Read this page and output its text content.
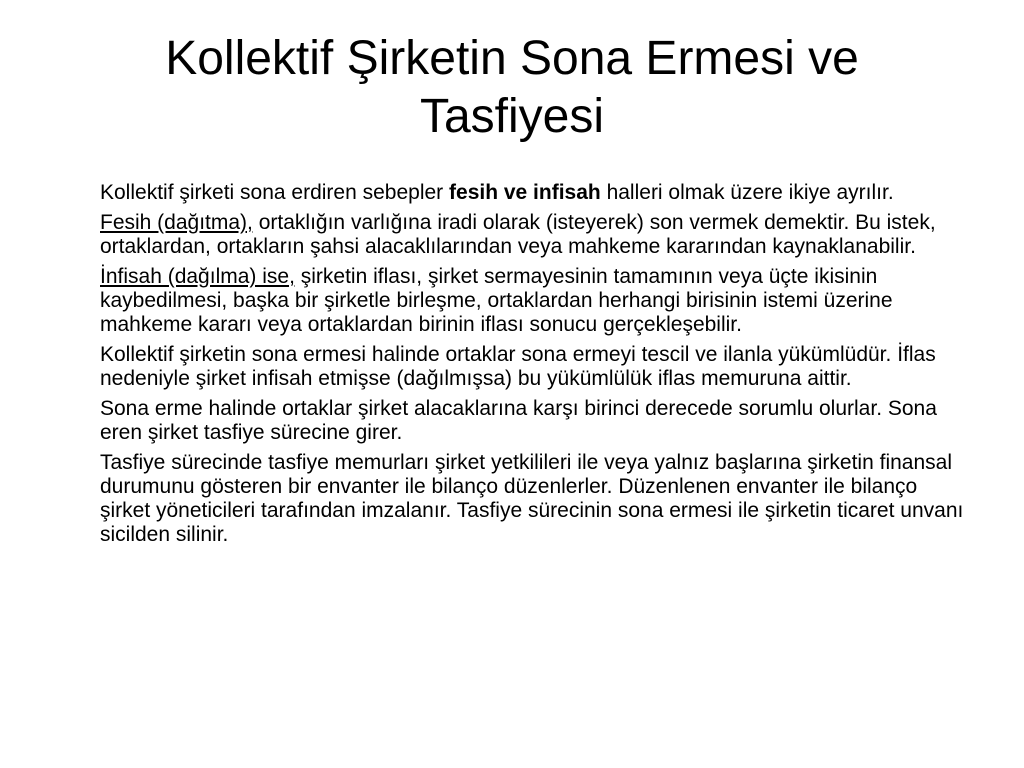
Kollektif Şirketin Sona Ermesi ve
Tasfiyesi

Kollektif şirketi sona erdiren sebepler fesih ve infisah halleri olmak üzere ikiye ayrılır.

Fesih (dağıtma), ortaklığın varlığına iradi olarak (isteyerek) son vermek demektir. Bu istek, ortaklardan, ortakların şahsi alacaklılarından veya mahkeme kararından kaynaklanabilir.

İnfisah (dağılma) ise, şirketin iflası, şirket sermayesinin tamamının veya üçte ikisinin kaybedilmesi, başka bir şirketle birleşme, ortaklardan herhangi birisinin istemi üzerine mahkeme kararı veya ortaklardan birinin iflası sonucu gerçekleşebilir.

Kollektif şirketin sona ermesi halinde ortaklar sona ermeyi tescil ve ilanla yükümlüdür. İflas nedeniyle şirket infisah etmişse (dağılmışsa) bu yükümlülük iflas memuruna aittir.

Sona erme halinde ortaklar şirket alacaklarına karşı birinci derecede sorumlu olurlar. Sona eren şirket tasfiye sürecine girer.

Tasfiye sürecinde tasfiye memurları şirket yetkilileri ile veya yalnız başlarına şirketin finansal durumunu gösteren bir envanter ile bilanço düzenlerler. Düzenlenen envanter ile bilanço şirket yöneticileri tarafından imzalanır. Tasfiye sürecinin sona ermesi ile şirketin ticaret unvanı sicilden silinir.
